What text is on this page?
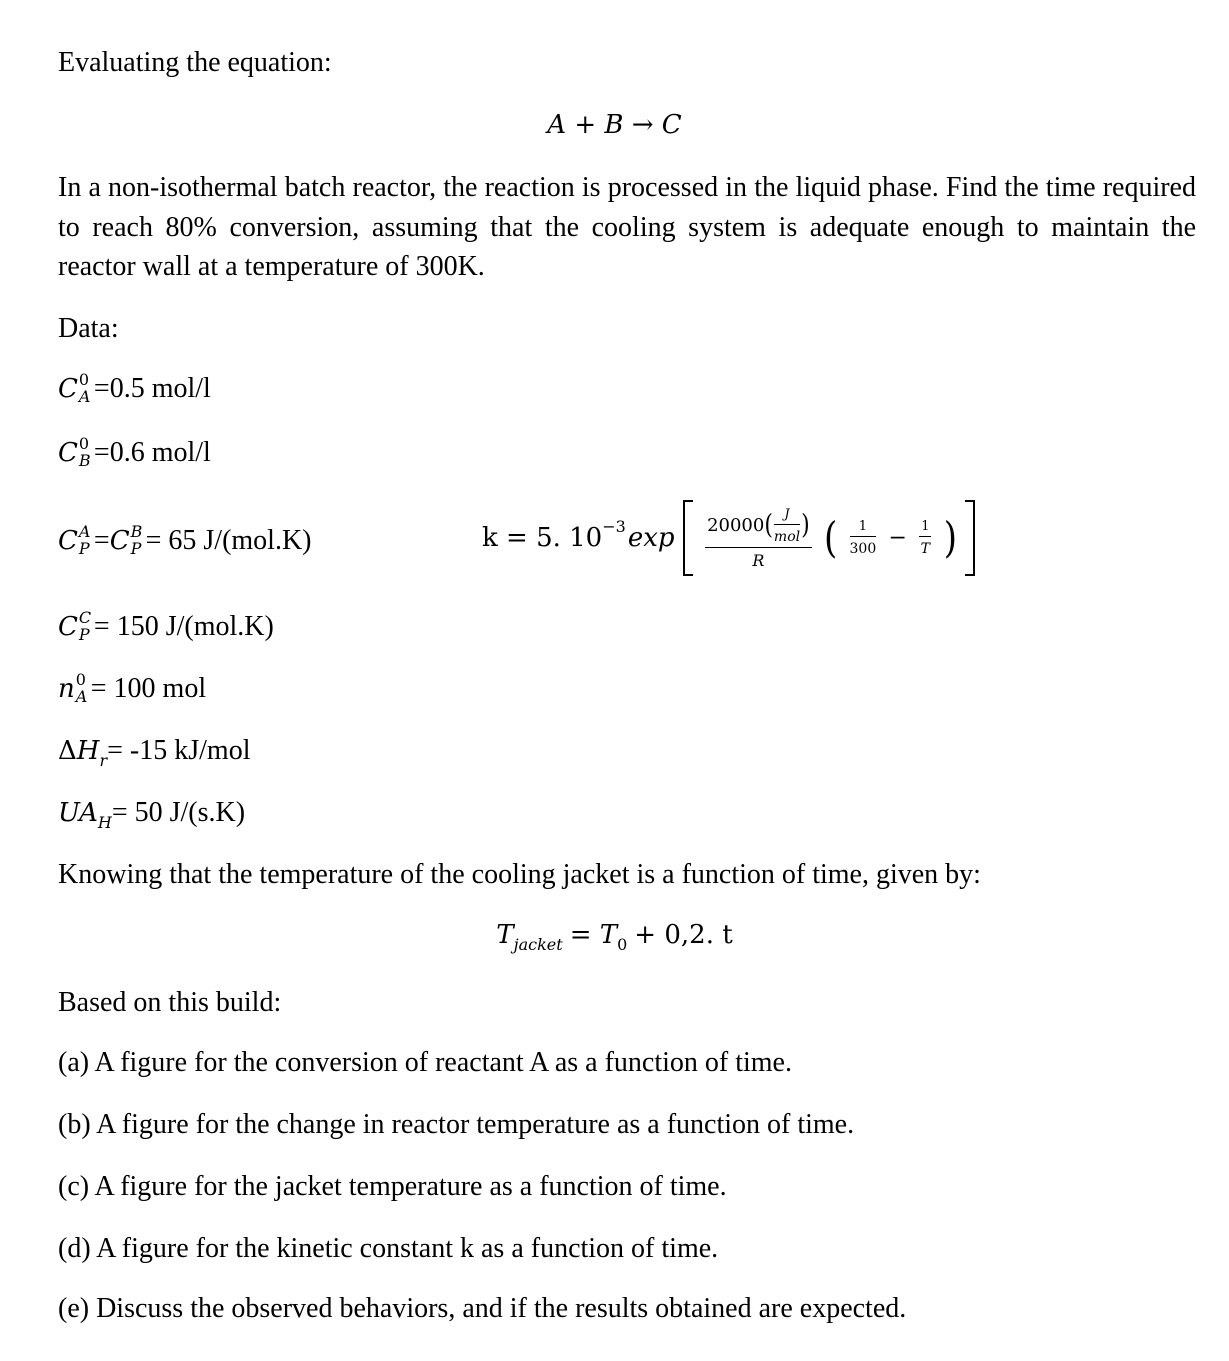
Evaluating the equation:
A + B → C
In a non-isothermal batch reactor, the reaction is processed in the liquid phase. Find the time required to reach 80% conversion, assuming that the cooling system is adequate enough to maintain the reactor wall at a temperature of 300K.
Data:
C 0
A =0.5 mol/l
C 0
B =0.6 mol/l
C A
P =C B
P = 65 J/(mol.K)	k = 5. $10^{-3}\exp \frac{20000( \frac{J}{\text{mol}} )}{R}$ ( $\frac{1}{300} - \frac{1}{T}$ )
C C
P = 150 J/(mol.K)
n 0
A = 100 mol
$\Delta H_r= -15$ kJ/mol
$UA_H= 50$ J/(s.K)
Knowing that the temperature of the cooling jacket is a function of time, given by:
$T_{jacket} = T_0 + 0,2$. t
Based on this build:
(a) A figure for the conversion of reactant A as a function of time.
(b) A figure for the change in reactor temperature as a function of time.
(c) A figure for the jacket temperature as a function of time.
(d) A figure for the kinetic constant k as a function of time.
(e) Discuss the observed behaviors, and if the results obtained are expected.
